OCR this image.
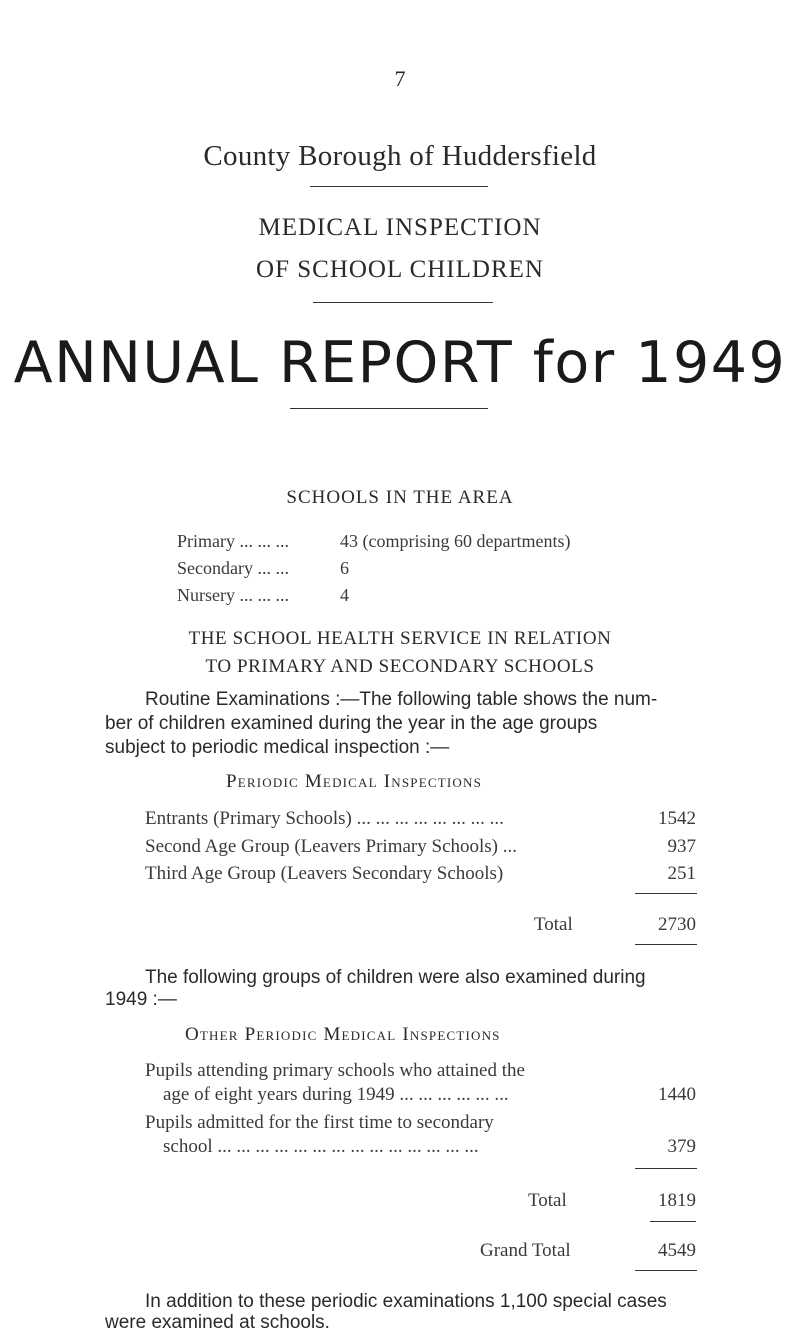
7
County Borough of Huddersfield
MEDICAL INSPECTION
OF SCHOOL CHILDREN
ANNUAL REPORT for 1949
SCHOOLS IN THE AREA
Primary ... ... ...	43 (comprising 60 departments)
Secondary ... ...	6
Nursery ... ... ...	4
THE SCHOOL HEALTH SERVICE IN RELATION
TO PRIMARY AND SECONDARY SCHOOLS
Routine Examinations :—The following table shows the num-
ber of children examined during the year in the age groups
subject to periodic medical inspection :—
Periodic Medical Inspections
Entrants (Primary Schools) ... ... ... ... ... ... ... ...	1542
Second Age Group (Leavers Primary Schools) ...	937
Third Age Group (Leavers Secondary Schools)	251
Total	2730
The following groups of children were also examined during
1949 :—
Other Periodic Medical Inspections
Pupils attending primary schools who attained the
age of eight years during 1949 ... ... ... ... ... ...	1440
Pupils admitted for the first time to secondary
school ... ... ... ... ... ... ... ... ... ... ... ... ... ...	379
Total	1819
Grand Total	4549
In addition to these periodic examinations 1,100 special cases
were examined at schools.
